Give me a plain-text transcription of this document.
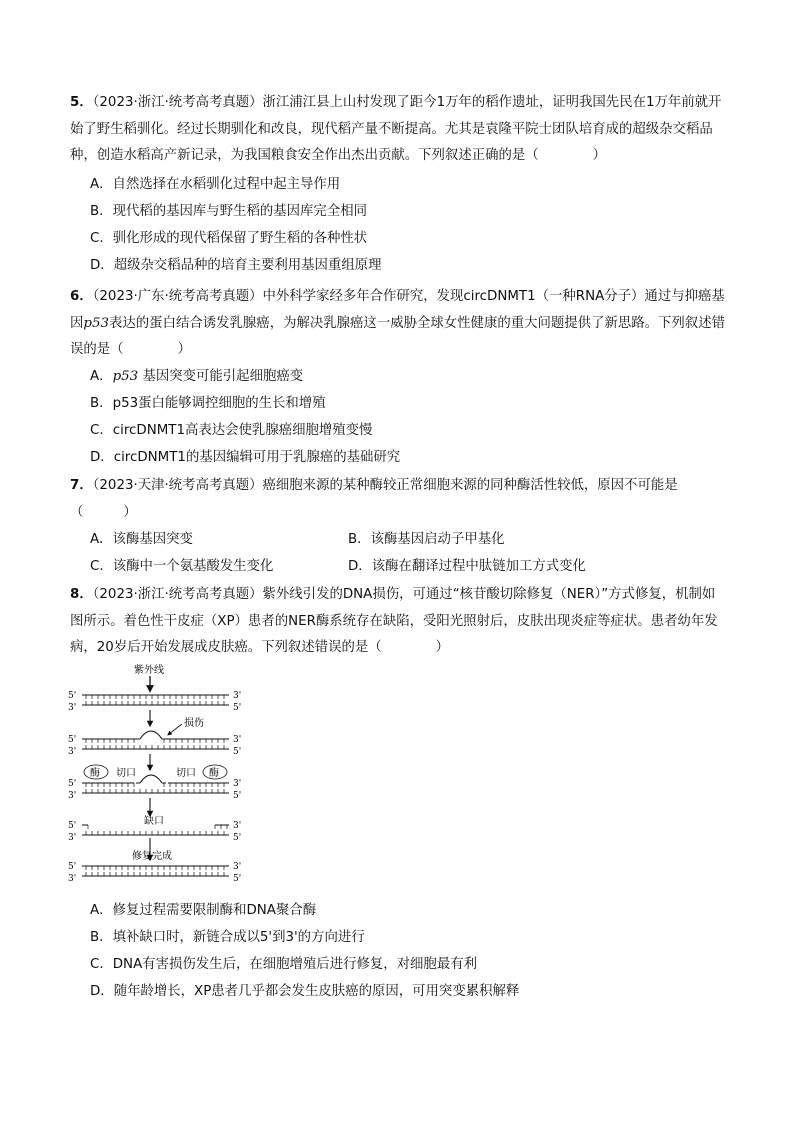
5．（2023·浙江·统考高考真题）浙江浦江县上山村发现了距今1万年的稻作遗址，证明我国先民在1万年前就开始了野生稻驯化。经过长期驯化和改良，现代稻产量不断提高。尤其是袁隆平院士团队培育成的超级杂交稻品种，创造水稻高产新记录，为我国粮食安全作出杰出贡献。下列叙述正确的是（	）
A．自然选择在水稻驯化过程中起主导作用
B．现代稻的基因库与野生稻的基因库完全相同
C．驯化形成的现代稻保留了野生稻的各种性状
D．超级杂交稻品种的培育主要利用基因重组原理
6．（2023·广东·统考高考真题）中外科学家经多年合作研究，发现circDNMT1（一种RNA分子）通过与抑癌基因p53表达的蛋白结合诱发乳腺癌，为解决乳腺癌这一威胁全球女性健康的重大问题提供了新思路。下列叙述错误的是（	）
A．p53 基因突变可能引起细胞癌变
B．p53蛋白能够调控细胞的生长和增殖
C．circDNMT1高表达会使乳腺癌细胞增殖变慢
D．circDNMT1的基因编辑可用于乳腺癌的基础研究
7．（2023·天津·统考高考真题）癌细胞来源的某种酶较正常细胞来源的同种酶活性较低，原因不可能是
（	）
A．该酶基因突变	B．该酶基因启动子甲基化
C．该酶中一个氨基酸发生变化	D．该酶在翻译过程中肽链加工方式变化
8．（2023·浙江·统考高考真题）紫外线引发的DNA损伤，可通过“核苷酸切除修复（NER）”方式修复，机制如图所示。着色性干皮症（XP）患者的NER酶系统存在缺陷，受阳光照射后，皮肤出现炎症等症状。患者幼年发病，20岁后开始发展成皮肤癌。下列叙述错误的是（	）
紫外线
5'
3'
3'
5'
5'
3'
3'
5'
5'
3'
3'
5'
5'
3'
3'
5'
5'
3'
3'
5'
损伤
酶 切口	酶
切口
缺口
修复完成
A．修复过程需要限制酶和DNA聚合酶
B．填补缺口时，新链合成以5'到3'的方向进行
C．DNA有害损伤发生后，在细胞增殖后进行修复，对细胞最有利
D．随年龄增长，XP患者几乎都会发生皮肤癌的原因，可用突变累积解释
